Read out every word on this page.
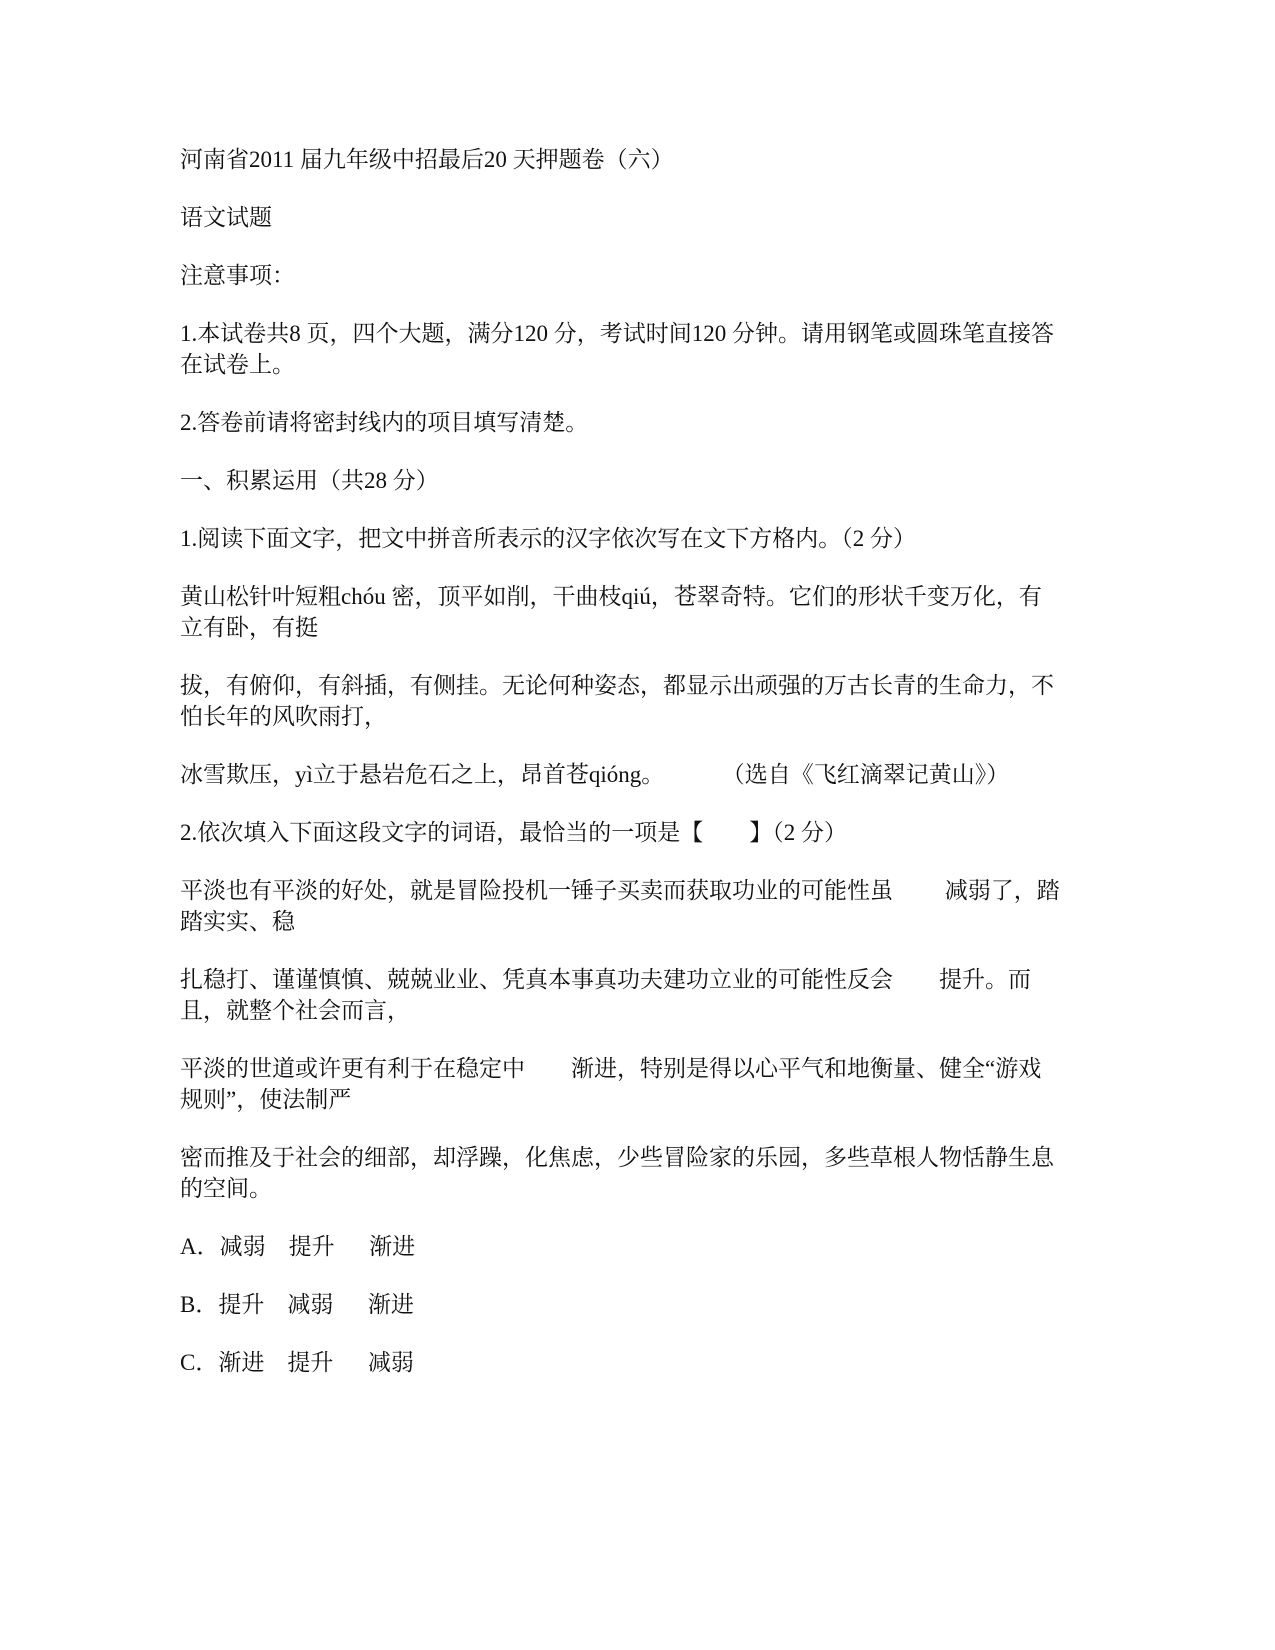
河南省2011 届九年级中招最后20 天押题卷（六）

语文试题

注意事项：

1.本试卷共8 页，四个大题，满分120 分，考试时间120 分钟。请用钢笔或圆珠笔直接答在试卷上。

2.答卷前请将密封线内的项目填写清楚。

一、积累运用（共28 分）

1.阅读下面文字，把文中拼音所表示的汉字依次写在文下方格内。（2 分）

黄山松针叶短粗chóu 密，顶平如削，干曲枝qiú，苍翠奇特。它们的形状千变万化，有立有卧，有挺

拔，有俯仰，有斜插，有侧挂。无论何种姿态，都显示出顽强的万古长青的生命力，不怕长年的风吹雨打，

冰雪欺压，yì立于悬岩危石之上，昂首苍qióng。          （选自《飞红滴翠记黄山》）

2.依次填入下面这段文字的词语，最恰当的一项是【        】（2 分）

平淡也有平淡的好处，就是冒险投机一锤子买卖而获取功业的可能性虽         减弱了，踏踏实实、稳

扎稳打、谨谨慎慎、兢兢业业、凭真本事真功夫建功立业的可能性反会        提升。而且，就整个社会而言，

平淡的世道或许更有利于在稳定中        渐进，特别是得以心平气和地衡量、健全“游戏规则”，使法制严

密而推及于社会的细部，却浮躁，化焦虑，少些冒险家的乐园，多些草根人物恬静生息的空间。

A．减弱    提升      渐进

B．提升    减弱      渐进

C．渐进    提升      减弱
